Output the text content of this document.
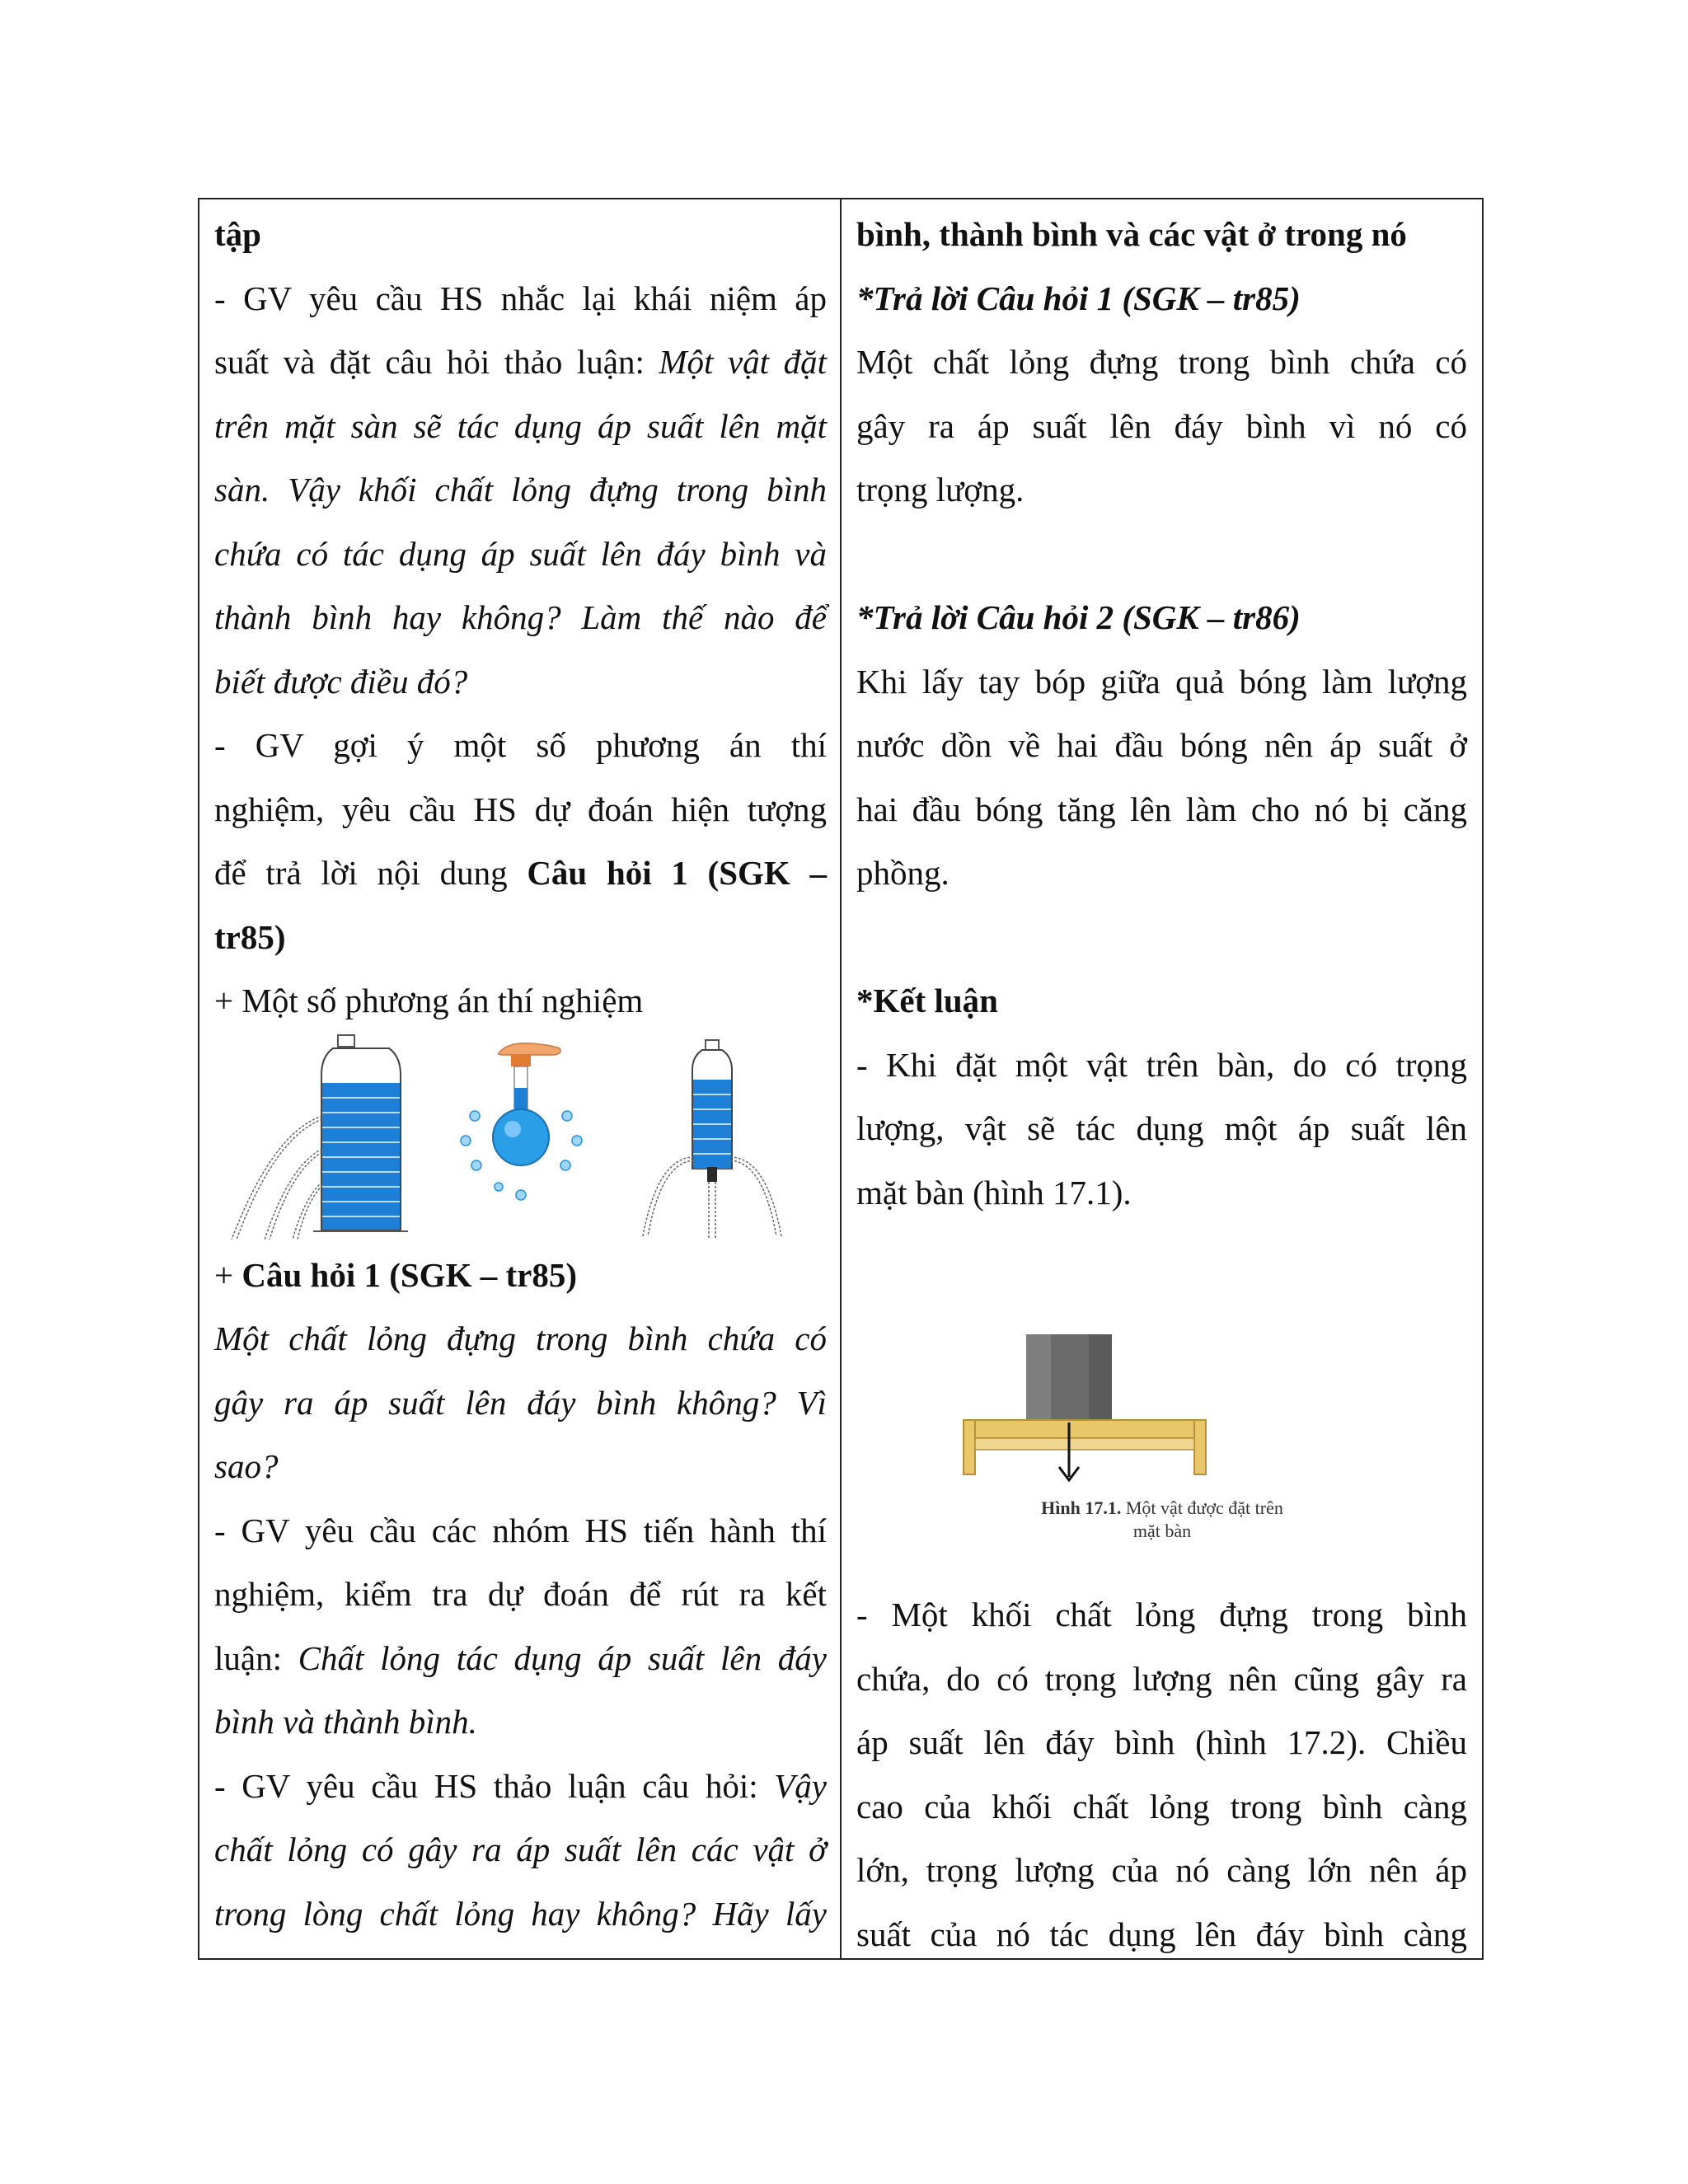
tập
- GV yêu cầu HS nhắc lại khái niệm áp
suất và đặt câu hỏi thảo luận: Một vật đặt
trên mặt sàn sẽ tác dụng áp suất lên mặt
sàn. Vậy khối chất lỏng đựng trong bình
chứa có tác dụng áp suất lên đáy bình và
thành bình hay không? Làm thế nào để
biết được điều đó?
- GV gợi ý một số phương án thí
nghiệm, yêu cầu HS dự đoán hiện tượng
để trả lời nội dung Câu hỏi 1 (SGK –
tr85)
+ Một số phương án thí nghiệm
+ Câu hỏi 1 (SGK – tr85)
Một chất lỏng đựng trong bình chứa có
gây ra áp suất lên đáy bình không? Vì
sao?
- GV yêu cầu các nhóm HS tiến hành thí
nghiệm, kiểm tra dự đoán để rút ra kết
luận: Chất lỏng tác dụng áp suất lên đáy
bình và thành bình.
- GV yêu cầu HS thảo luận câu hỏi: Vậy
chất lỏng có gây ra áp suất lên các vật ở
trong lòng chất lỏng hay không? Hãy lấy
bình, thành bình và các vật ở trong nó
*Trả lời Câu hỏi 1 (SGK – tr85)
Một chất lỏng đựng trong bình chứa có
gây ra áp suất lên đáy bình vì nó có
trọng lượng.
*Trả lời Câu hỏi 2 (SGK – tr86)
Khi lấy tay bóp giữa quả bóng làm lượng
nước dồn về hai đầu bóng nên áp suất ở
hai đầu bóng tăng lên làm cho nó bị căng
phồng.
*Kết luận
- Khi đặt một vật trên bàn, do có trọng
lượng, vật sẽ tác dụng một áp suất lên
mặt bàn (hình 17.1).
Hình 17.1. Một vật được đặt trên
mặt bàn
- Một khối chất lỏng đựng trong bình
chứa, do có trọng lượng nên cũng gây ra
áp suất lên đáy bình (hình 17.2). Chiều
cao của khối chất lỏng trong bình càng
lớn, trọng lượng của nó càng lớn nên áp
suất của nó tác dụng lên đáy bình càng
